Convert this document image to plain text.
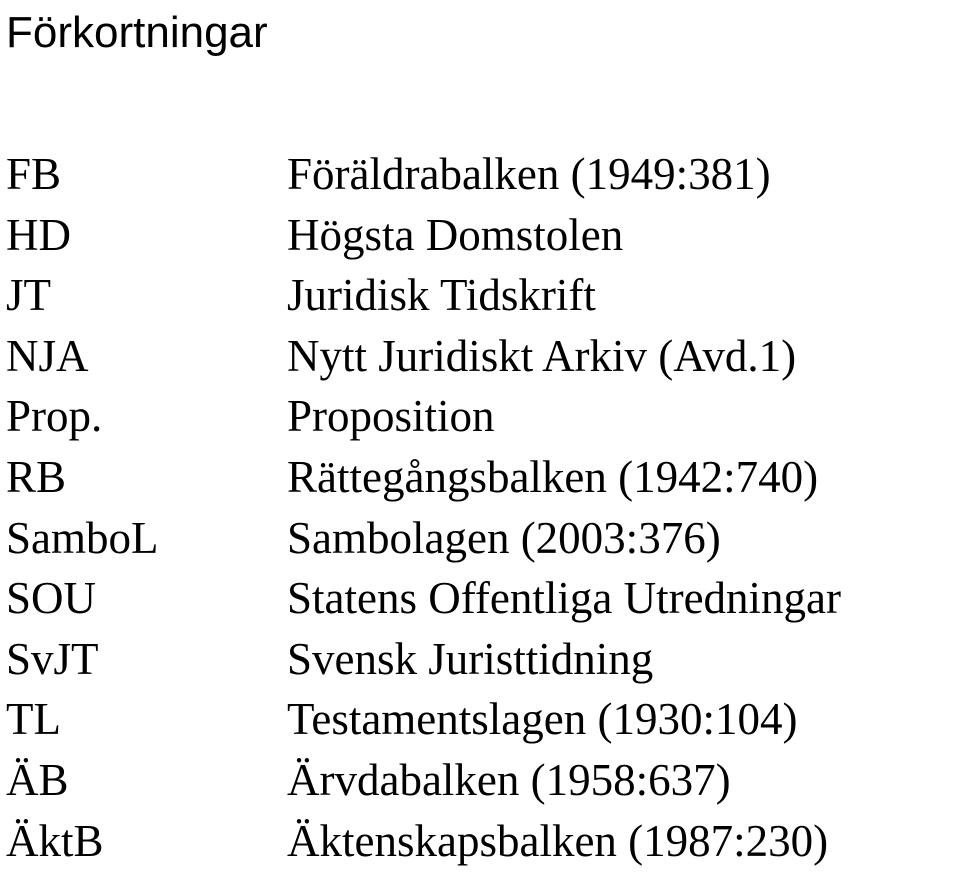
Förkortningar
FB	Föräldrabalken (1949:381)
HD	Högsta Domstolen
JT	Juridisk Tidskrift
NJA	Nytt Juridiskt Arkiv (Avd.1)
Prop.	Proposition
RB	Rättegångsbalken (1942:740)
SamboL	Sambolagen (2003:376)
SOU	Statens Offentliga Utredningar
SvJT	Svensk Juristtidning
TL	Testamentslagen (1930:104)
ÄB	Ärvdabalken (1958:637)
ÄktB	Äktenskapsbalken (1987:230)
